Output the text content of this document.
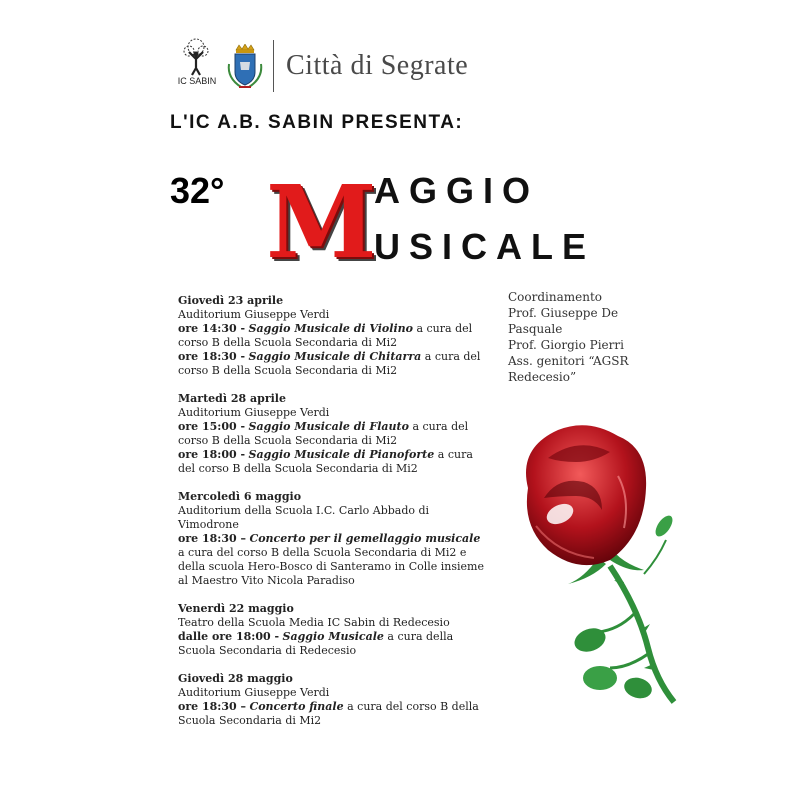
IC SABIN Città di Segrate
L'IC A.B. SABIN PRESENTA:
32° M
AGGIO
USICALE
Giovedì 23 aprile
Auditorium Giuseppe Verdi
ore 14:30 - Saggio Musicale di Violino a cura del corso B della Scuola Secondaria di Mi2
ore 18:30 - Saggio Musicale di Chitarra a cura del corso B della Scuola Secondaria di Mi2
Martedì 28 aprile
Auditorium Giuseppe Verdi
ore 15:00 - Saggio Musicale di Flauto a cura del corso B della Scuola Secondaria di Mi2
ore 18:00 - Saggio Musicale di Pianoforte a cura del corso B della Scuola Secondaria di Mi2
Mercoledì 6 maggio
Auditorium della Scuola I.C. Carlo Abbado di Vimodrone
ore 18:30 – Concerto per il gemellaggio musicale a cura del corso B della Scuola Secondaria di Mi2 e della scuola Hero-Bosco di Santeramo in Colle insieme al Maestro Vito Nicola Paradiso
Venerdì 22 maggio
Teatro della Scuola Media IC Sabin di Redecesio
dalle ore 18:00 - Saggio Musicale a cura della Scuola Secondaria di Redecesio
Giovedì 28 maggio
Auditorium Giuseppe Verdi
ore 18:30 – Concerto finale a cura del corso B della Scuola Secondaria di Mi2
Coordinamento
Prof. Giuseppe De Pasquale
Prof. Giorgio Pierri
Ass. genitori “AGSR Redecesio”
